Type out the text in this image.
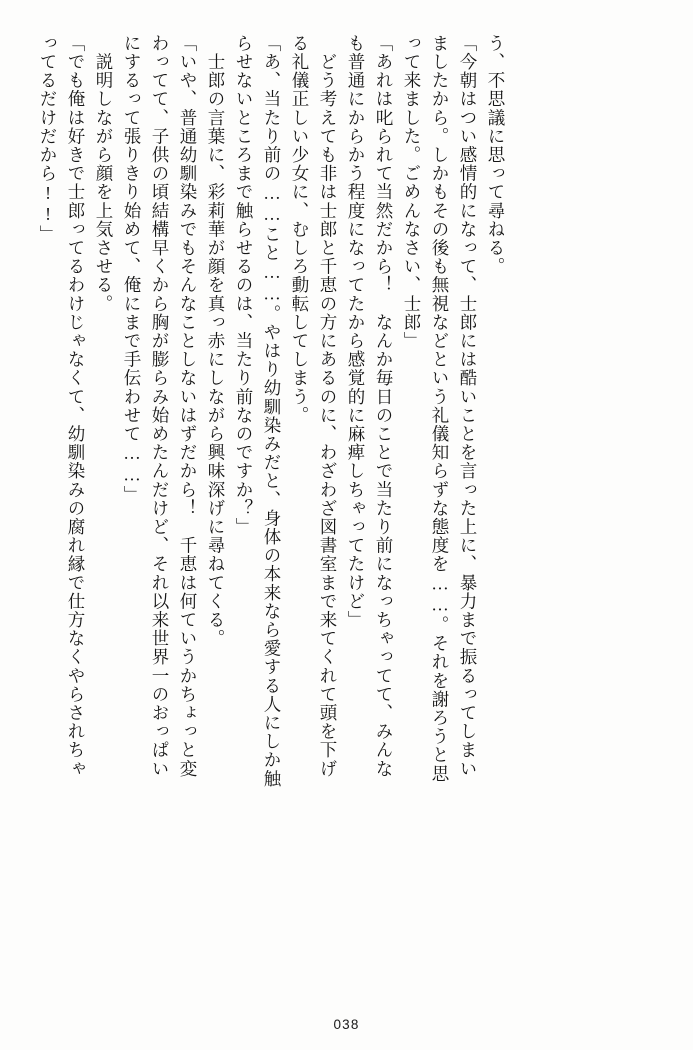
ってるだけだから!!」 「でも俺は好きで士郎ってるわけじゃなくて、幼馴染みの腐れ縁で仕方なくやらされちゃ 　説明しながら顔を上気させる。 にするって張りきり始めて、俺にまで手伝わせて……」 わってて、子供の頃結構早くから胸が膨らみ始めたんだけど、それ以来世界一のおっぱい 「いや、普通幼馴染みでもそんなことしないはずだから！　千恵は何ていうかちょっと変 　士郎の言葉に、彩莉華が顔を真っ赤にしながら興味深げに尋ねてくる。 らせないところまで触らせるのは、当たり前なのですか？」 「あ、当たり前の……こと……。やはり幼馴染みだと、身体の本来なら愛する人にしか触 る礼儀正しい少女に、むしろ動転してしまう。 　どう考えても非は士郎と千恵の方にあるのに、わざわざ図書室まで来てくれて頭を下げ も普通にからかう程度になってたから感覚的に麻痺しちゃってたけど」 「あれは叱られて当然だから！　なんか毎日のことで当たり前になっちゃってて、みんな って来ました。ごめんなさい、士郎」 ましたから。しかもその後も無視などという礼儀知らずな態度を……。それを謝ろうと思 「今朝はつい感情的になって、士郎には酷いことを言った上に、暴力まで振るってしまい う、不思議に思って尋ねる。
038
